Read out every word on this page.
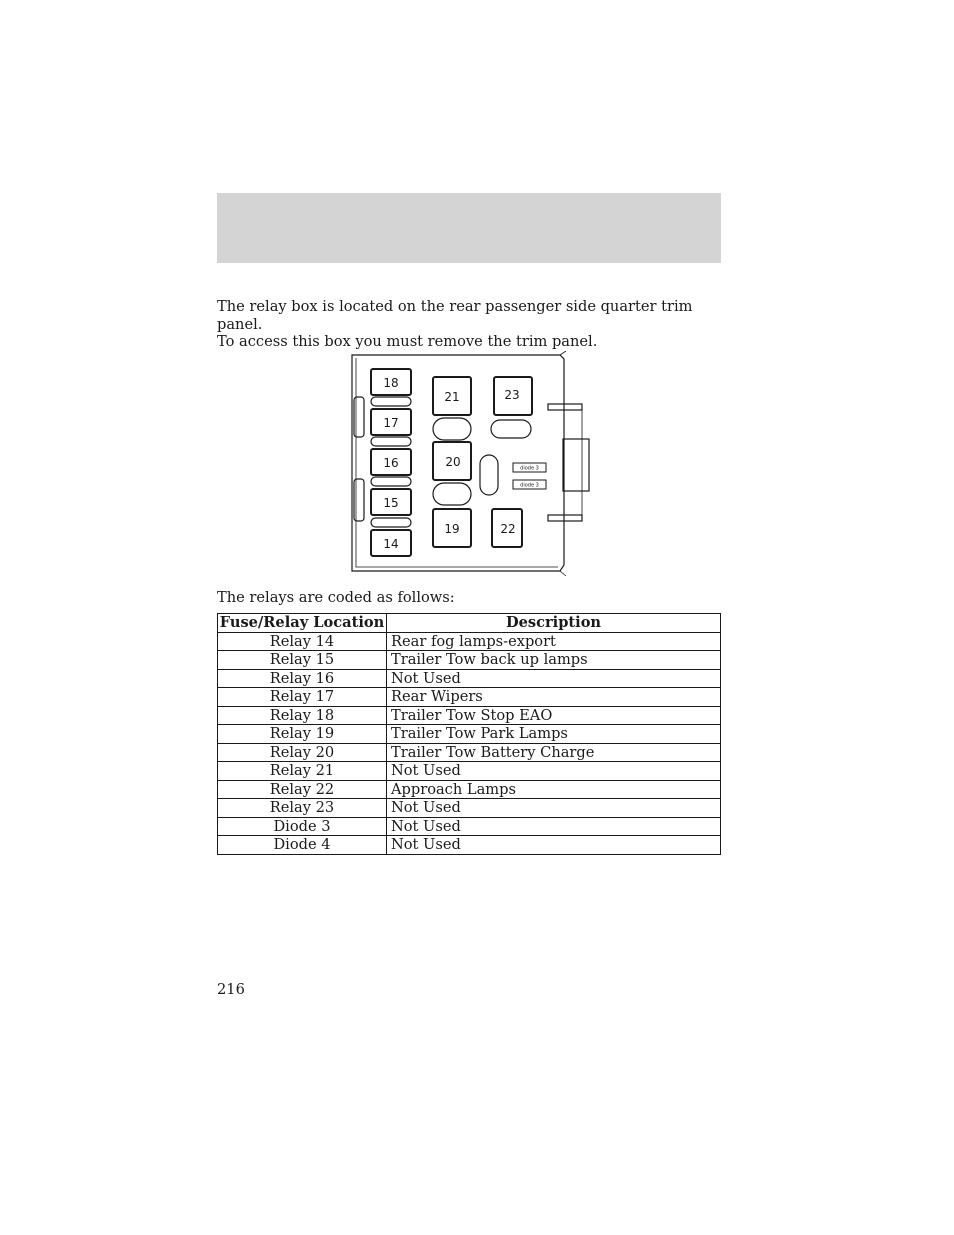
The relay box is located on the rear passenger side quarter trim panel.

To access this box you must remove the trim panel.

18
17
16
15
14
21
20
19
23
22
diode 3
diode 3

The relays are coded as follows:

Fuse/Relay Location	Description
Relay 14	Rear fog lamps-export
Relay 15	Trailer Tow back up lamps
Relay 16	Not Used
Relay 17	Rear Wipers
Relay 18	Trailer Tow Stop EAO
Relay 19	Trailer Tow Park Lamps
Relay 20	Trailer Tow Battery Charge
Relay 21	Not Used
Relay 22	Approach Lamps
Relay 23	Not Used
Diode 3	Not Used
Diode 4	Not Used

216
